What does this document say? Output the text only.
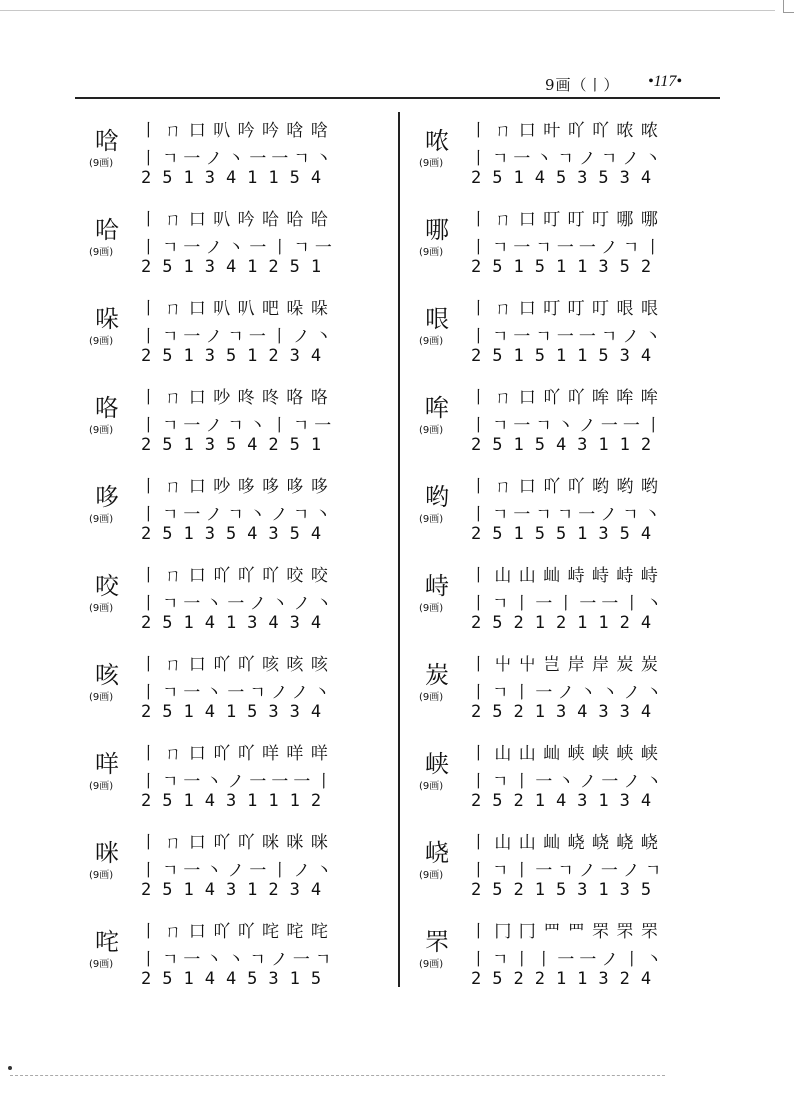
9画（丨） •117•
唅
(9画)
丨 ㄇ 口 叭 吟 吟 唅 唅
丨ㄱ一ノ丶一一ㄱ丶
251341154
哈
(9画)
丨 ㄇ 口 叭 吟 哈 哈 哈
丨ㄱ一ノ丶一丨ㄱ一
251341251
哚
(9画)
丨 ㄇ 口 叭 叭 吧 哚 哚
丨ㄱ一ノㄱ一丨ノ丶
251351234
咯
(9画)
丨 ㄇ 口 吵 咚 咚 咯 咯
丨ㄱ一ノㄱ丶丨ㄱ一
251354251
哆
(9画)
丨 ㄇ 口 吵 哆 哆 哆 哆
丨ㄱ一ノㄱ丶ノㄱ丶
251354354
咬
(9画)
丨 ㄇ 口 吖 吖 吖 咬 咬
丨ㄱ一丶一ノ丶ノ丶
251413434
咳
(9画)
丨 ㄇ 口 吖 吖 咳 咳 咳
丨ㄱ一丶一ㄱノノ丶
251415334
咩
(9画)
丨 ㄇ 口 吖 吖 咩 咩 咩
丨ㄱ一丶ノ一一一丨
251431112
咪
(9画)
丨 ㄇ 口 吖 吖 咪 咪 咪
丨ㄱ一丶ノ一丨ノ丶
251431234
咤
(9画)
丨 ㄇ 口 吖 吖 咤 咤 咤
丨ㄱ一丶丶ㄱノ一ㄱ
251445315
哝
(9画)
丨 ㄇ 口 叶 吖 吖 哝 哝
丨ㄱ一丶ㄱノㄱノ丶
251453534
哪
(9画)
丨 ㄇ 口 叮 叮 叮 哪 哪
丨ㄱ一ㄱ一一ノㄱ丨
251511352
哏
(9画)
丨 ㄇ 口 叮 叮 叮 哏 哏
丨ㄱ一ㄱ一一ㄱノ丶
251511534
哞
(9画)
丨 ㄇ 口 吖 吖 哞 哞 哞
丨ㄱ一ㄱ丶ノ一一丨
251543112
哟
(9画)
丨 ㄇ 口 吖 吖 哟 哟 哟
丨ㄱ一ㄱㄱ一ノㄱ丶
251551354
峙
(9画)
丨 山 山 屾 峙 峙 峙 峙
丨ㄱ丨一丨一一丨丶
252121124
炭
(9画)
丨 屮 屮 岂 岸 岸 炭 炭
丨ㄱ丨一ノ丶丶ノ丶
252134334
峡
(9画)
丨 山 山 屾 峡 峡 峡 峡
丨ㄱ丨一丶ノ一ノ丶
252143134
峣
(9画)
丨 山 山 屾 峣 峣 峣 峣
丨ㄱ丨一ㄱノ一ノㄱ
252153135
罘
(9画)
丨 冂 冂 罒 罒 罘 罘 罘
丨ㄱ丨丨一一ノ丨丶
252211324
